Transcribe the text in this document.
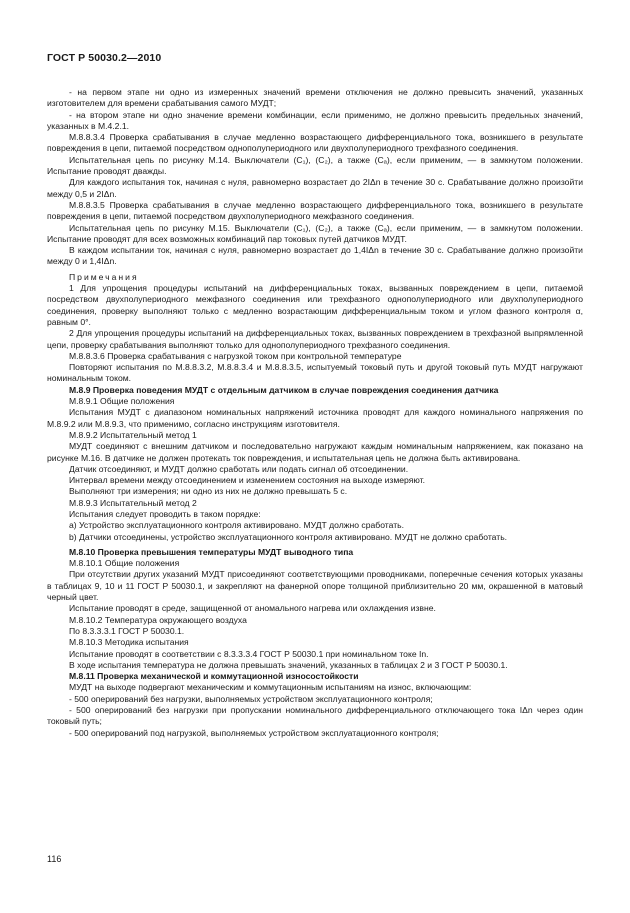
ГОСТ Р 50030.2—2010

- на первом этапе ни одно из измеренных значений времени отключения не должно превысить значений, указанных изготовителем для времени срабатывания самого МУДТ;

- на втором этапе ни одно значение времени комбинации, если применимо, не должно превысить предельных значений, указанных в М.4.2.1.

М.8.8.3.4 Проверка срабатывания в случае медленно возрастающего дифференциального тока, возникшего в результате повреждения в цепи, питаемой посредством однополупериодного или двухполупериодного трехфазного соединения.

Испытательная цепь по рисунку М.14. Выключатели (C₁), (C₂), а также (Cₐ), если применим, — в замкнутом положении. Испытание проводят дважды.

Для каждого испытания ток, начиная с нуля, равномерно возрастает до 2IΔn в течение 30 с. Срабатывание должно произойти между 0,5 и 2IΔn.

М.8.8.3.5 Проверка срабатывания в случае медленно возрастающего дифференциального тока, возникшего в результате повреждения в цепи, питаемой посредством двухполупериодного межфазного соединения.

Испытательная цепь по рисунку М.15. Выключатели (C₁), (C₂), а также (Cₐ), если применим, — в замкнутом положении. Испытание проводят для всех возможных комбинаций пар токовых путей датчиков МУДТ.

В каждом испытании ток, начиная с нуля, равномерно возрастает до 1,4IΔn в течение 30 с. Срабатывание должно произойти между 0 и 1,4IΔn.

Примечания

1 Для упрощения процедуры испытаний на дифференциальных токах, вызванных повреждением в цепи, питаемой посредством двухполупериодного межфазного соединения или трехфазного однополупериодного или двухполупериодного соединения, проверку выполняют только с медленно возрастающим дифференциальным током и углом фазного контроля α, равным 0°.

2 Для упрощения процедуры испытаний на дифференциальных токах, вызванных повреждением в трехфазной выпрямленной цепи, проверку срабатывания выполняют только для однополупериодного трехфазного соединения.

М.8.8.3.6 Проверка срабатывания с нагрузкой током при контрольной температуре

Повторяют испытания по М.8.8.3.2, М.8.8.3.4 и М.8.8.3.5, испытуемый токовый путь и другой токовый путь МУДТ нагружают номинальным током.

М.8.9 Проверка поведения МУДТ с отдельным датчиком в случае повреждения соединения датчика

М.8.9.1 Общие положения

Испытания МУДТ с диапазоном номинальных напряжений источника проводят для каждого номинального напряжения по М.8.9.2 или М.8.9.3, что применимо, согласно инструкциям изготовителя.

М.8.9.2 Испытательный метод 1

МУДТ соединяют с внешним датчиком и последовательно нагружают каждым номинальным напряжением, как показано на рисунке М.16. В датчике не должен протекать ток повреждения, и испытательная цепь не должна быть активирована.

Датчик отсоединяют, и МУДТ должно сработать или подать сигнал об отсоединении.

Интервал времени между отсоединением и изменением состояния на выходе измеряют.

Выполняют три измерения; ни одно из них не должно превышать 5 с.

М.8.9.3 Испытательный метод 2

Испытания следует проводить в таком порядке:

a) Устройство эксплуатационного контроля активировано. МУДТ должно сработать.

b) Датчики отсоединены, устройство эксплуатационного контроля активировано. МУДТ не должно сработать.

М.8.10 Проверка превышения температуры МУДТ выводного типа

М.8.10.1 Общие положения

При отсутствии других указаний МУДТ присоединяют соответствующими проводниками, поперечные сечения которых указаны в таблицах 9, 10 и 11 ГОСТ Р 50030.1, и закрепляют на фанерной опоре толщиной приблизительно 20 мм, окрашенной в матовый черный цвет.

Испытание проводят в среде, защищенной от аномального нагрева или охлаждения извне.

М.8.10.2 Температура окружающего воздуха

По 8.3.3.3.1 ГОСТ Р 50030.1.

М.8.10.3 Методика испытания

Испытание проводят в соответствии с 8.3.3.3.4 ГОСТ Р 50030.1 при номинальном токе In.

В ходе испытания температура не должна превышать значений, указанных в таблицах 2 и 3 ГОСТ Р 50030.1.

М.8.11 Проверка механической и коммутационной износостойкости

МУДТ на выходе подвергают механическим и коммутационным испытаниям на износ, включающим:

- 500 оперирований без нагрузки, выполняемых устройством эксплуатационного контроля;

- 500 оперирований без нагрузки при пропускании номинального дифференциального отключающего тока IΔn через один токовый путь;

- 500 оперирований под нагрузкой, выполняемых устройством эксплуатационного контроля;

116
